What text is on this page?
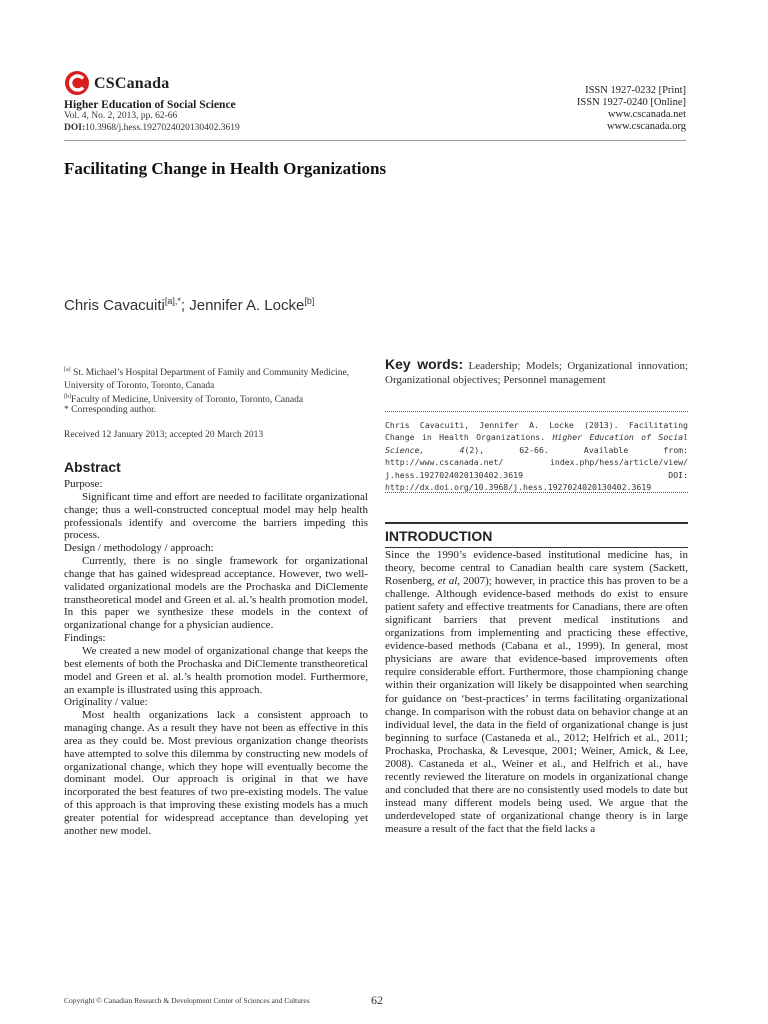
CSCanada
Higher Education of Social Science
Vol. 4, No. 2, 2013, pp. 62-66
DOI:10.3968/j.hess.1927024020130402.3619
ISSN 1927-0232 [Print]
ISSN 1927-0240 [Online]
www.cscanada.net
www.cscanada.org
Facilitating Change in Health Organizations
Chris Cavacuiti$^{[a],*}$; Jennifer A. Locke[b]
[a] St. Michael’s Hospital Department of Family and Community Medicine, University of Toronto, Toronto, Canada
[b]Faculty of Medicine, University of Toronto, Toronto, Canada
* Corresponding author.
Received 12 January 2013; accepted 20 March 2013
Abstract

Purpose:

Significant time and effort are needed to facilitate organizational change; thus a well-constructed conceptual model may help health professionals identify and overcome the barriers impeding this process.

Design / methodology / approach:

Currently, there is no single framework for organizational change that has gained widespread acceptance. However, two well-validated organizational models are the Prochaska and DiClemente transtheoretical model and Green et al. al.’s health promotion model. In this paper we synthesize these models in the context of organizational change for a physician audience.

Findings:

We created a new model of organizational change that keeps the best elements of both the Prochaska and DiClemente transtheoretical model and Green et al. al.’s health promotion model. Furthermore, an example is illustrated using this approach.

Originality / value:

Most health organizations lack a consistent approach to managing change. As a result they have not been as effective in this area as they could be. Most previous organization change theorists have attempted to solve this dilemma by constructing new models of organizational change, which they hope will eventually become the dominant model. Our approach is original in that we have incorporated the best features of two pre-existing models. The value of this approach is that improving these existing models has a much greater potential for widespread acceptance than developing yet another new model.

Key words: Leadership; Models; Organizational innovation; Organizational objectives; Personnel management
Chris Cavacuiti, Jennifer A. Locke (2013). Facilitating Change in Health Organizations. Higher Education of Social Science, 4(2), 62-66. Available from: http://www.cscanada.net/ index.php/hess/article/view/ j.hess.1927024020130402.3619 DOI: http://dx.doi.org/10.3968/j.hess.1927024020130402.3619
INTRODUCTION
Since the 1990’s evidence-based institutional medicine has, in theory, become central to Canadian health care system (Sackett, Rosenberg, et al, 2007); however, in practice this has proven to be a challenge. Although evidence-based methods do exist to ensure patient safety and effective treatments for Canadians, there are often significant barriers that prevent medical institutions and organizations from implementing and practicing these effective, evidence-based methods (Cabana et al., 1999). In general, most physicians are aware that evidence-based improvements often require considerable effort. Furthermore, those championing change within their organization will likely be disappointed when searching for guidance on ‘best-practices’ in terms facilitating organizational change. In comparison with the robust data on behavior change at an individual level, the data in the field of organizational change is just beginning to surface (Castaneda et al., 2012; Helfrich et al., 2011; Prochaska, Prochaska, & Levesque, 2001; Weiner, Amick, & Lee, 2008). Castaneda et al., Weiner et al., and Helfrich et al., have recently reviewed the literature on models in organizational change and concluded that there are no consistently used models to date but instead many different models being used. We argue that the underdeveloped state of organizational change theory is in large measure a result of the fact that the field lacks a
Copyright © Canadian Research & Development Center of Sciences and Cultures	62
